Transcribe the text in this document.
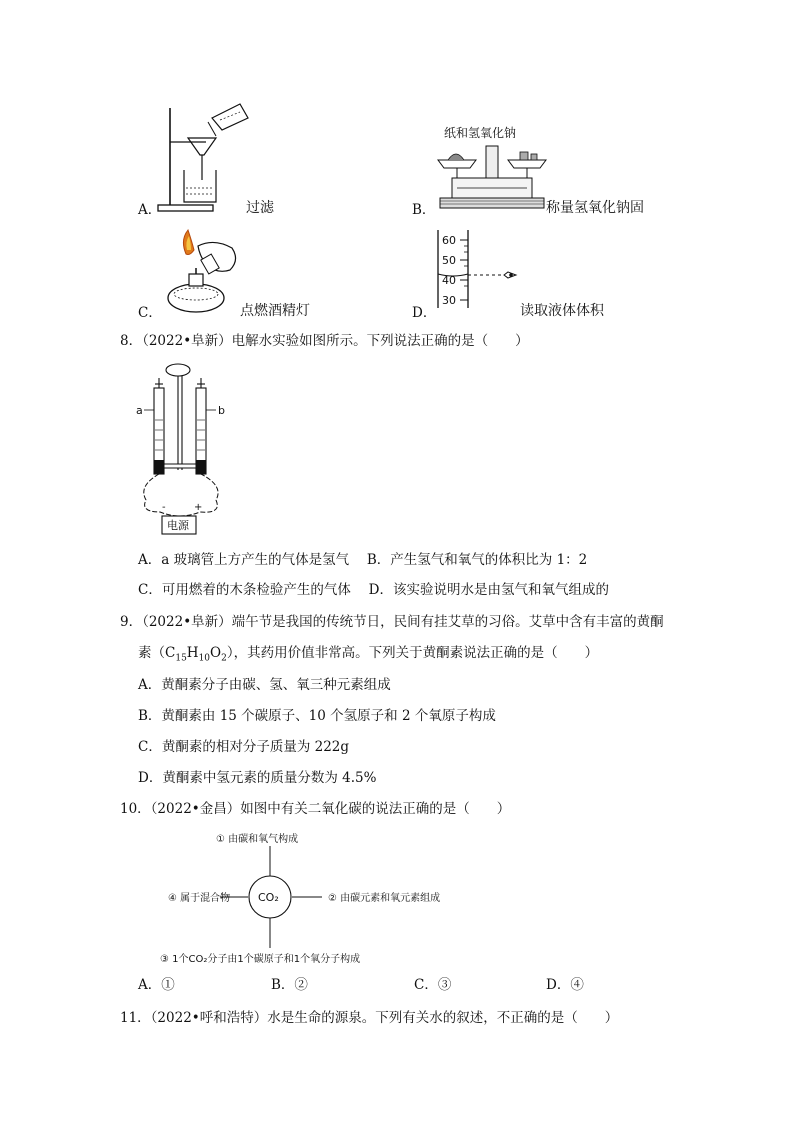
A．	过滤
纸和氢氧化钠
B．	称量氢氧化钠固
C．	点燃酒精灯
60
50
40
30
D．	读取液体体积
8．（2022•阜新）电解水实验如图所示。下列说法正确的是（　　）
a	b
-	+
电源
A．a 玻璃管上方产生的气体是氢气　 B．产生氢气和氧气的体积比为 1：2
C．可用燃着的木条检验产生的气体　 D．该实验说明水是由氢气和氧气组成的
9．（2022•阜新）端午节是我国的传统节日，民间有挂艾草的习俗。艾草中含有丰富的黄酮
素$(C_{15}H_{10}O_2)$，其药用价值非常高。下列关于黄酮素说法正确的是（　　）
A．黄酮素分子由碳、氢、氧三种元素组成
B．黄酮素由 15 个碳原子、10 个氢原子和 2 个氧原子构成
C．黄酮素的相对分子质量为 222g
D．黄酮素中氢元素的质量分数为 4.5%
10．（2022•金昌）如图中有关二氧化碳的说法正确的是（　　）
CO₂
① 由碳和氧气构成
② 由碳元素和氧元素组成
③ 1个CO₂分子由1个碳原子和1个氧分子构成
④ 属于混合物
A．①	B．②	C．③	D．④
11．（2022•呼和浩特）水是生命的源泉。下列有关水的叙述，不正确的是（　　）
